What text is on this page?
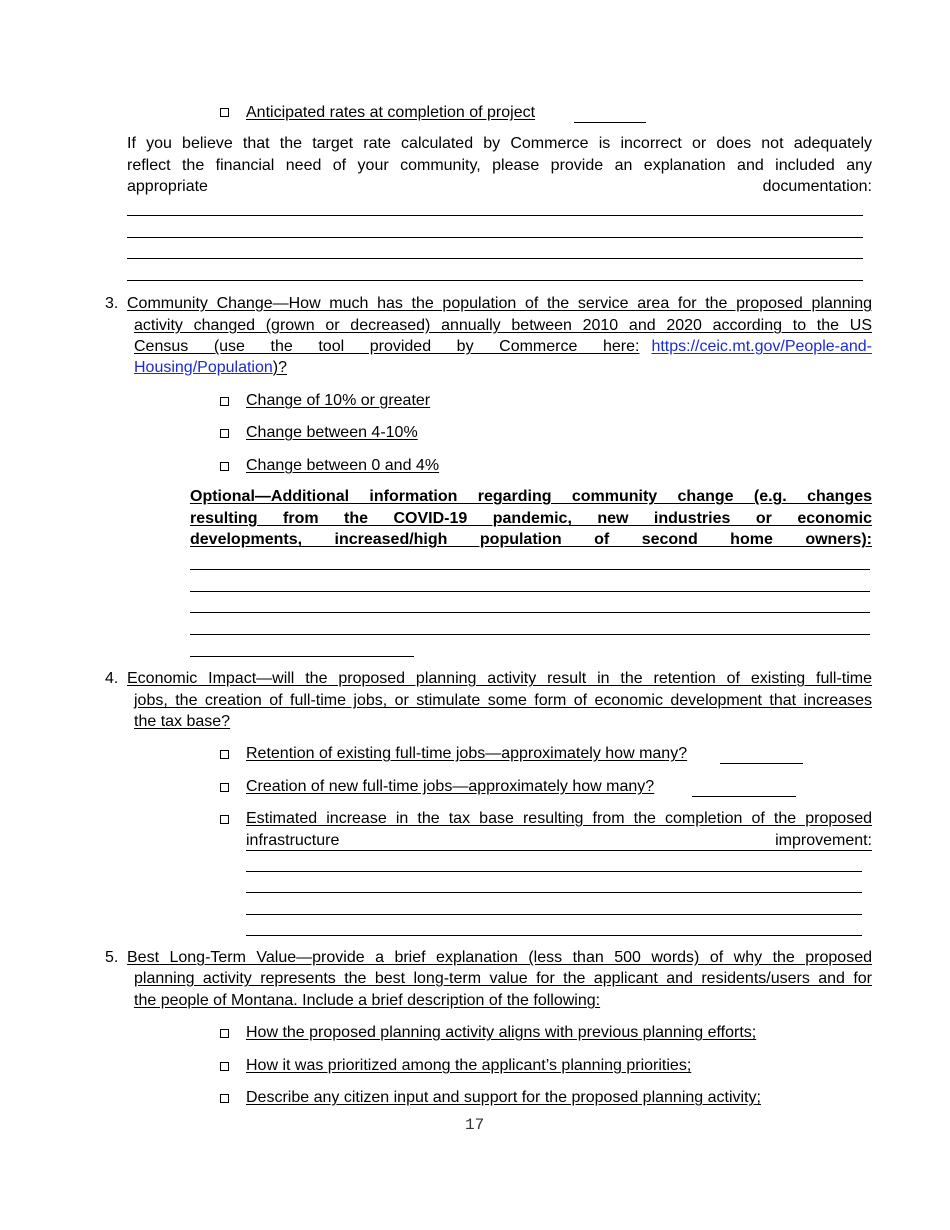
Anticipated rates at completion of project
If you believe that the target rate calculated by Commerce is incorrect or does not adequately
reflect the financial need of your community, please provide an explanation and included any
appropriate	documentation:
3. Community Change—How much has the population of the service area for the proposed planning
activity changed (grown or decreased) annually between 2010 and 2020 according to the US
Census (use the tool provided by Commerce here: https://ceic.mt.gov/People-and-
Housing/Population)?
Change of 10% or greater
Change between 4-10%
Change between 0 and 4%
Optional—Additional information regarding community change (e.g. changes
resulting from the COVID-19 pandemic, new industries or economic
developments, increased/high population of second home owners):
4. Economic Impact—will the proposed planning activity result in the retention of existing full-time
jobs, the creation of full-time jobs, or stimulate some form of economic development that increases
the tax base?
Retention of existing full-time jobs—approximately how many?
Creation of new full-time jobs—approximately how many?
Estimated increase in the tax base resulting from the completion of the proposed
infrastructure	improvement:
5. Best Long-Term Value—provide a brief explanation (less than 500 words) of why the proposed
planning activity represents the best long-term value for the applicant and residents/users and for
the people of Montana. Include a brief description of the following:
How the proposed planning activity aligns with previous planning efforts;
How it was prioritized among the applicant’s planning priorities;
Describe any citizen input and support for the proposed planning activity;
17
